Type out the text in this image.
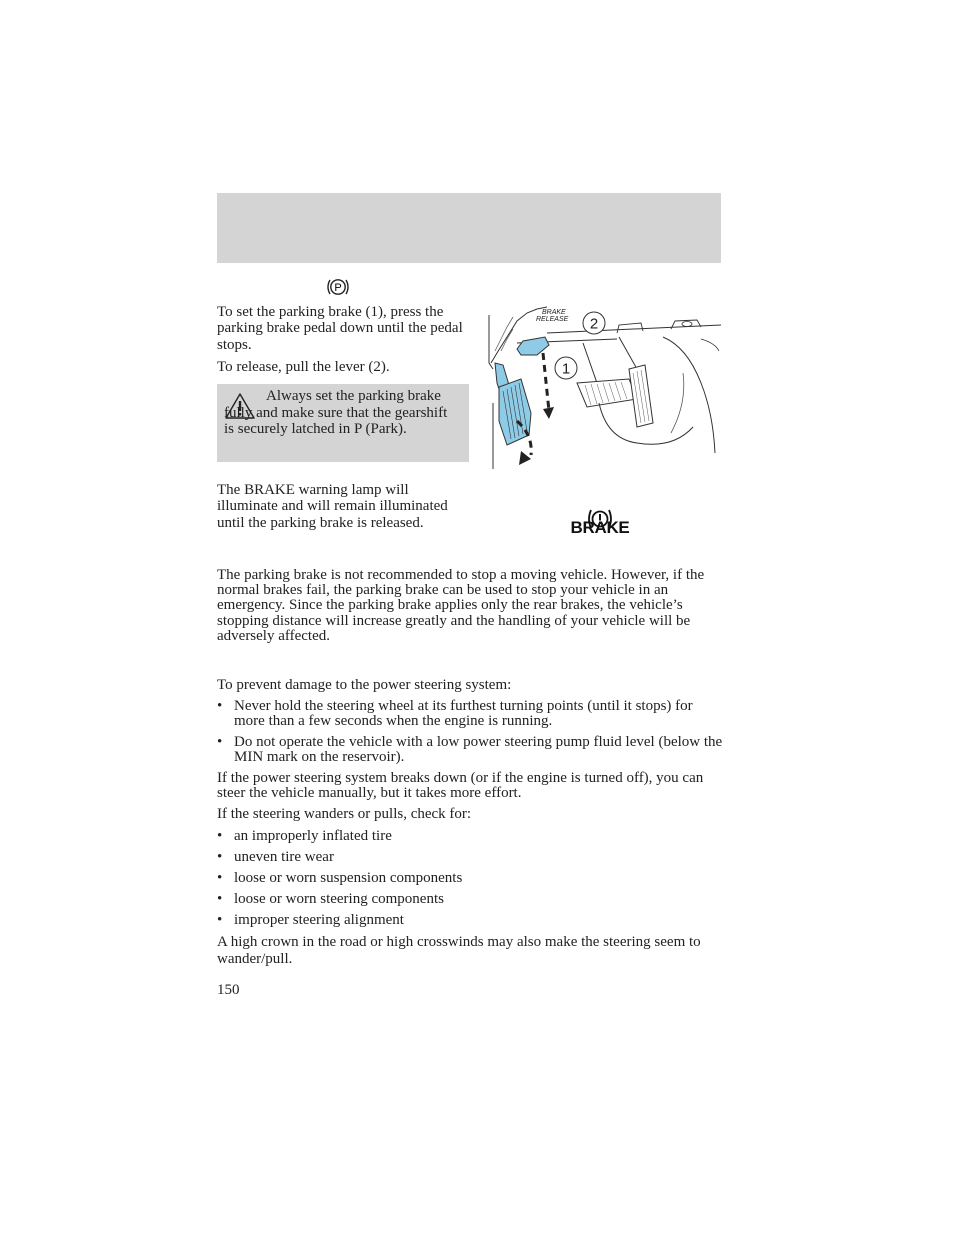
P
To set the parking brake (1), press the parking brake pedal down until the pedal stops.
To release, pull the lever (2).
Always set the parking brake fully and make sure that the gearshift is securely latched in P (Park).
BRAKE
RELEASE 2
1
The BRAKE warning lamp will illuminate and will remain illuminated until the parking brake is released.	BRAKE
The parking brake is not recommended to stop a moving vehicle. However, if the normal brakes fail, the parking brake can be used to stop your vehicle in an emergency. Since the parking brake applies only the rear brakes, the vehicle’s stopping distance will increase greatly and the handling of your vehicle will be adversely affected.
To prevent damage to the power steering system:
• Never hold the steering wheel at its furthest turning points (until it stops) for more than a few seconds when the engine is running.
• Do not operate the vehicle with a low power steering pump fluid level (below the MIN mark on the reservoir).
If the power steering system breaks down (or if the engine is turned off), you can steer the vehicle manually, but it takes more effort.
If the steering wanders or pulls, check for:
• an improperly inflated tire
• uneven tire wear
• loose or worn suspension components
• loose or worn steering components
• improper steering alignment
A high crown in the road or high crosswinds may also make the steering seem to wander/pull.
150
